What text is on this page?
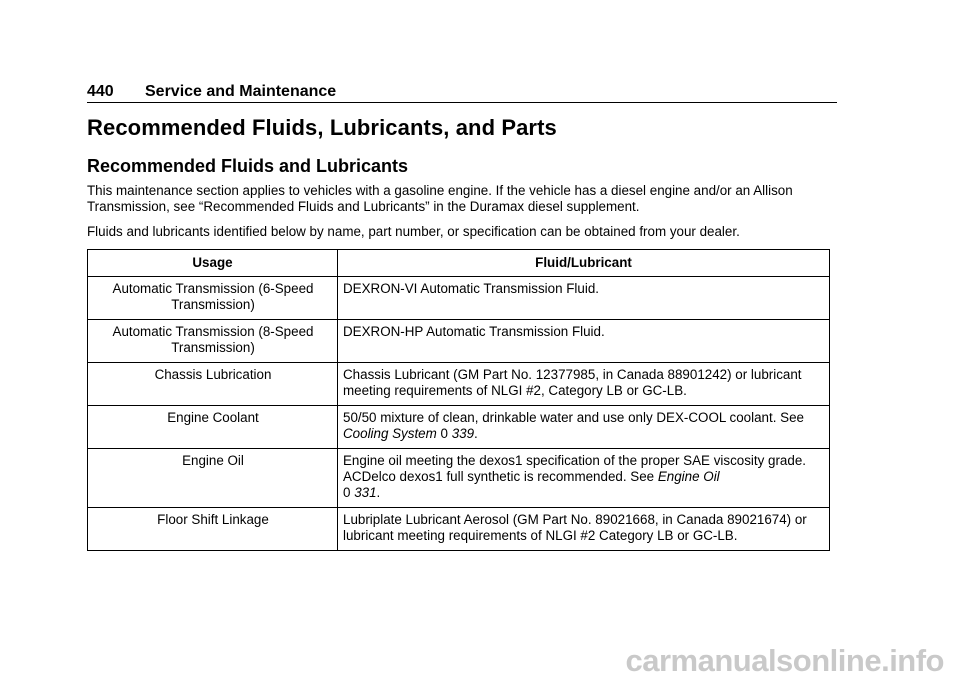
440	Service and Maintenance
Recommended Fluids, Lubricants, and Parts
Recommended Fluids and Lubricants

This maintenance section applies to vehicles with a gasoline engine. If the vehicle has a diesel engine and/or an Allison Transmission, see “Recommended Fluids and Lubricants” in the Duramax diesel supplement.

Fluids and lubricants identified below by name, part number, or specification can be obtained from your dealer.

Usage	Fluid/Lubricant
Automatic Transmission (6-Speed Transmission)	DEXRON-VI Automatic Transmission Fluid.
Automatic Transmission (8-Speed Transmission)	DEXRON-HP Automatic Transmission Fluid.
Chassis Lubrication	Chassis Lubricant (GM Part No. 12377985, in Canada 88901242) or lubricant meeting requirements of NLGI #2, Category LB or GC-LB.
Engine Coolant	50/50 mixture of clean, drinkable water and use only DEX-COOL coolant. See Cooling System 0 339.
Engine Oil	Engine oil meeting the dexos1 specification of the proper SAE viscosity grade. ACDelco dexos1 full synthetic is recommended. See Engine Oil
0 331.
Floor Shift Linkage	Lubriplate Lubricant Aerosol (GM Part No. 89021668, in Canada 89021674) or lubricant meeting requirements of NLGI #2 Category LB or GC-LB.
carmanualsonline.info
